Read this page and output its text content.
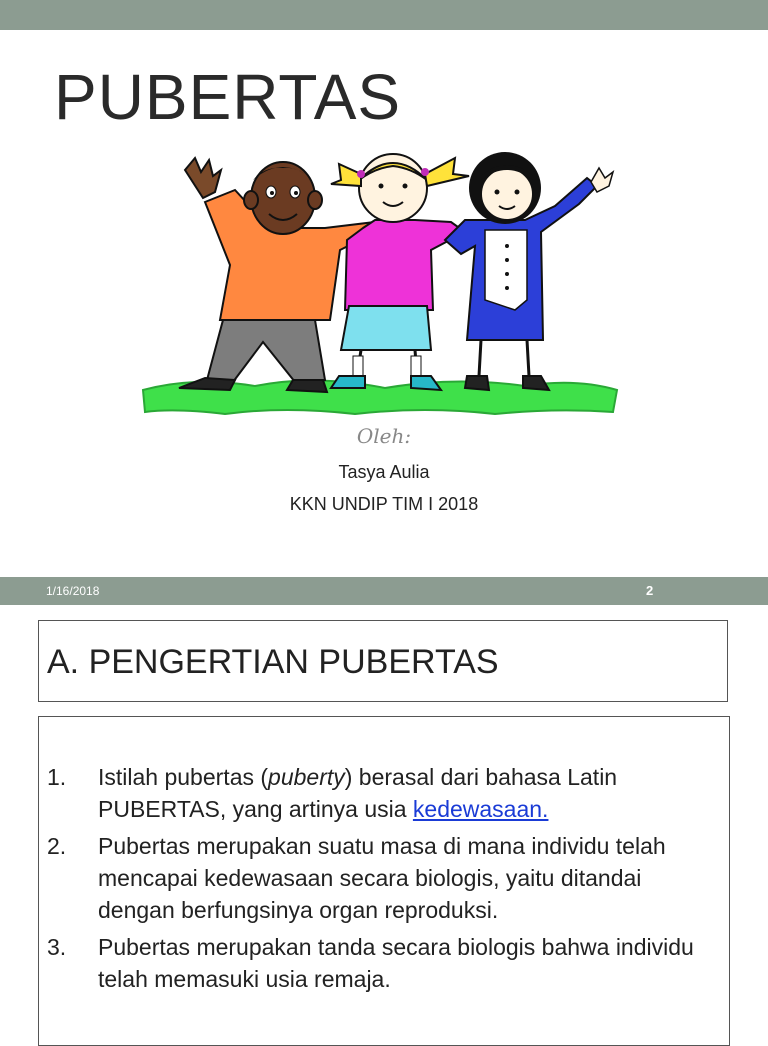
PUBERTAS
Oleh:
Tasya Aulia
KKN UNDIP TIM I 2018
1/16/2018	2
A. PENGERTIAN PUBERTAS
1. Istilah pubertas (puberty) berasal dari bahasa Latin PUBERTAS, yang artinya usia kedewasaan.
2. Pubertas merupakan suatu masa di mana individu telah mencapai kedewasaan secara biologis, yaitu ditandai dengan berfungsinya organ reproduksi.
3. Pubertas merupakan tanda secara biologis bahwa individu telah memasuki usia remaja.
